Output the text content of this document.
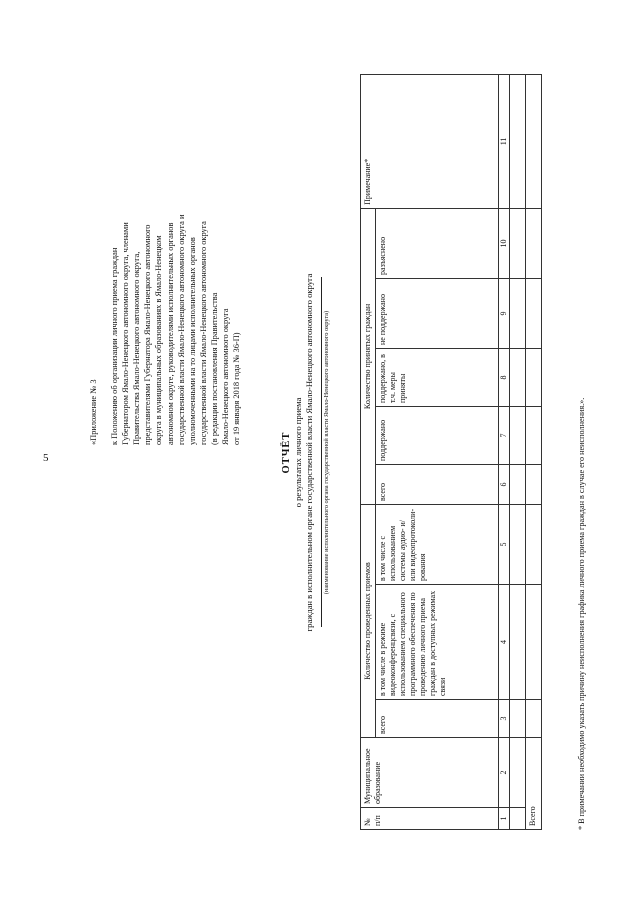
5
«Приложение № 3 к Положению об организации личного приема граждан Губернатором Ямало-Ненецкого автономного округа, членами Правительства Ямало-Ненецкого автономного округа, представителями Губернатора Ямало-Ненецкого автономного округа в муниципальных образованиях в Ямало-Ненецком автономном округе, руководителями исполнительных органов государственной власти Ямало-Ненецкого автономного округа и уполномоченными на то лицами исполнительных органов государственной власти Ямало-Ненецкого автономного округа (в редакции постановления Правительства Ямало-Ненецкого автономного округа от 19 января 2018 года № 36-П)
ОТЧЁТ о результатах личного приема граждан в исполнительном органе государственной власти Ямало-Ненецкого автономного округа (наименование исполнительного органа государственной власти Ямало-Ненецкого автономного округа)
№ п/п	Муниципальное образование	Количество проведенных приемов			Количество принятых граждан					Примечание*
		всего	в том числе в режиме видеоконференцсвязи, с использованием специального программного обеспечения по проведению личного приема граждан в доступных режимах связи	в том числе с использованием системы аудио- и/или видеопротоколи-рования	всего	поддержано	поддержано, в т.ч. меры приняты	не поддержано	разъяснено	
1	2	3	4	5	6	7	8	9	10	11

Всего											* В примечании необходимо указать причину неисполнения графика личного приема граждан в случае его неисполнения.».
